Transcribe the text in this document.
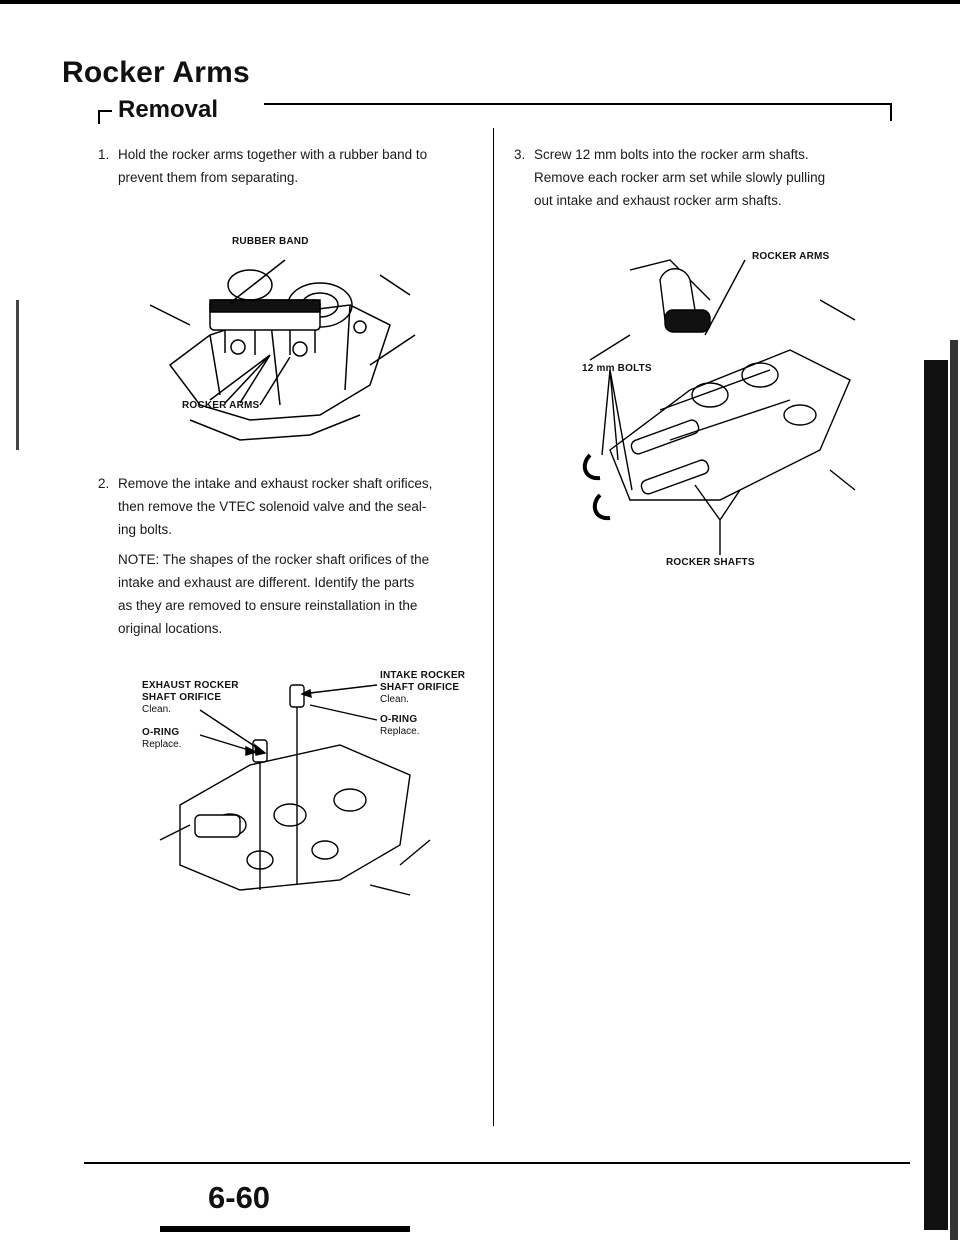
Rocker Arms
Removal
1. Hold the rocker arms together with a rubber band to
prevent them from separating.
RUBBER BAND
ROCKER ARMS
2. Remove the intake and exhaust rocker shaft orifices,
then remove the VTEC solenoid valve and the seal-
ing bolts.
NOTE: The shapes of the rocker shaft orifices of the
intake and exhaust are different. Identify the parts
as they are removed to ensure reinstallation in the
original locations.
EXHAUST ROCKER
SHAFT ORIFICE
Clean.
O-RING
Replace.
INTAKE ROCKER
SHAFT ORIFICE
Clean.
O-RING
Replace.
3. Screw 12 mm bolts into the rocker arm shafts.
Remove each rocker arm set while slowly pulling
out intake and exhaust rocker arm shafts.
ROCKER ARMS
12 mm BOLTS
ROCKER SHAFTS
6-60
